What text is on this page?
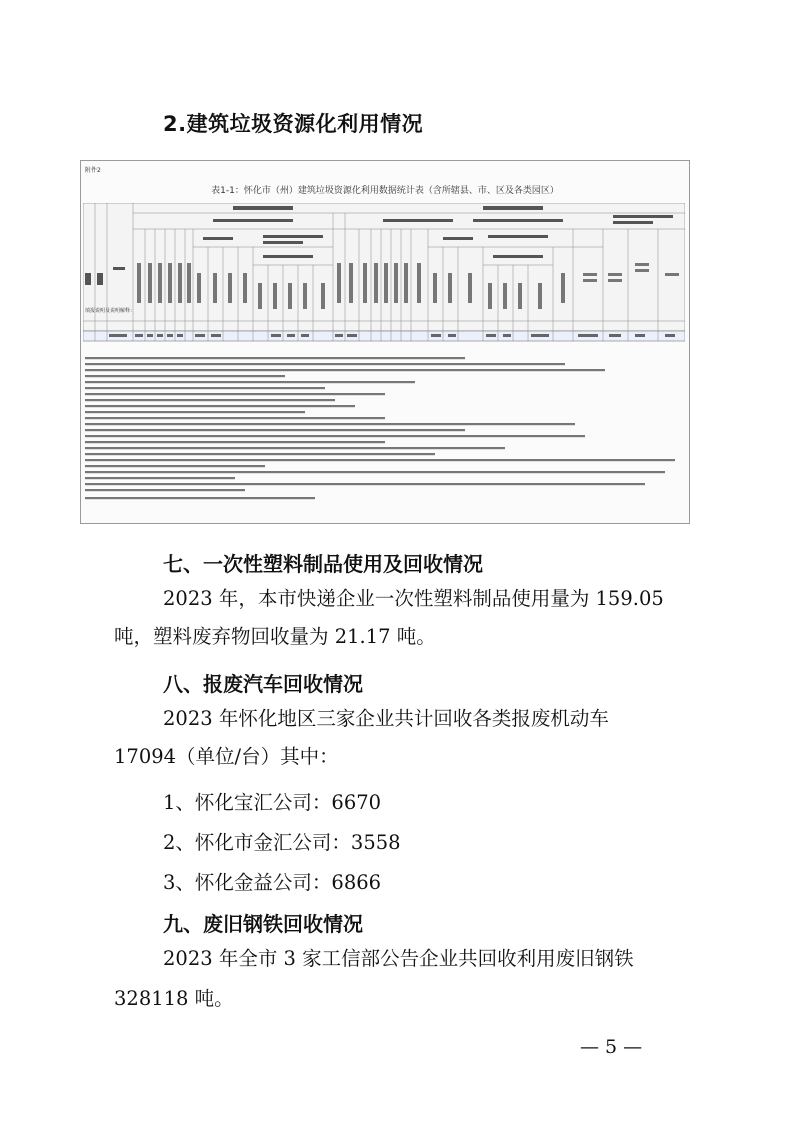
2.建筑垃圾资源化利用情况
附件2
表1-1：怀化市（州）建筑垃圾资源化利用数据统计表（含所辖县、市、区及各类园区）
填报说明及说明解释：
七、一次性塑料制品使用及回收情况
2023 年，本市快递企业一次性塑料制品使用量为 159.05
吨，塑料废弃物回收量为 21.17 吨。
八、报废汽车回收情况
2023 年怀化地区三家企业共计回收各类报废机动车
17094（单位/台）其中：
1、怀化宝汇公司：6670
2、怀化市金汇公司：3558
3、怀化金益公司：6866
九、废旧钢铁回收情况
2023 年全市 3 家工信部公告企业共回收利用废旧钢铁
328118 吨。
— 5 —
